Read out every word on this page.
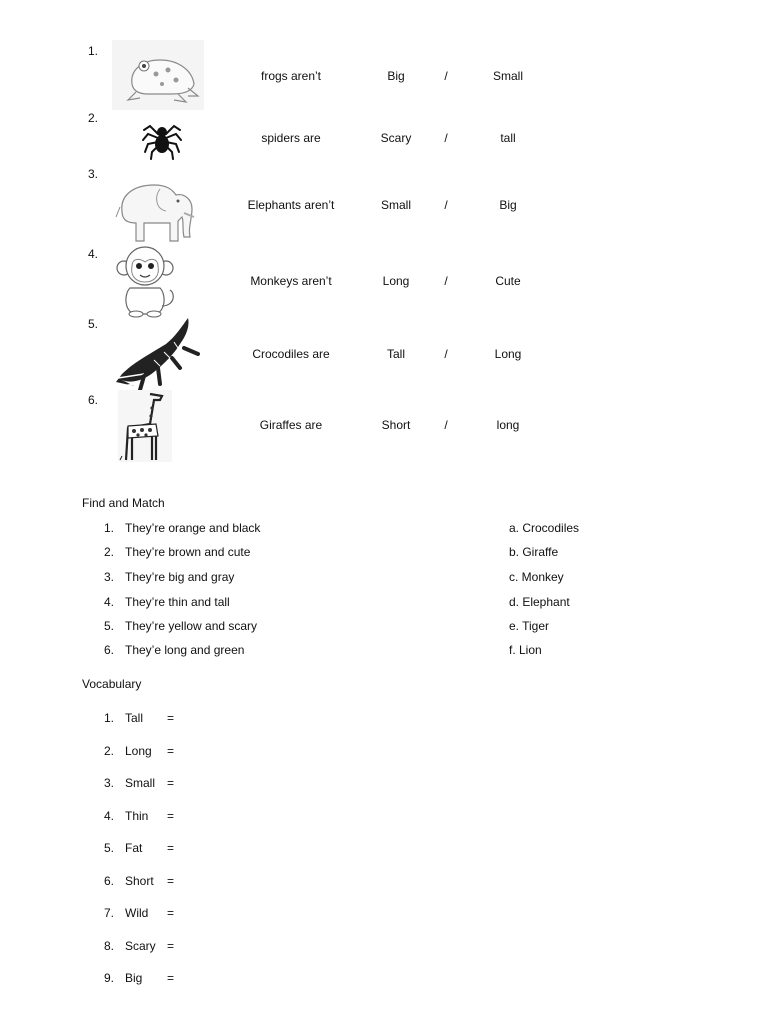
1.
frogs aren’t	Big	/	Small
2.
spiders are	Scary	/	tall
3.
Elephants aren’t	Small	/	Big
4.
Monkeys aren’t	Long	/	Cute
5.
Crocodiles are	Tall	/	Long
6.
Giraffes are	Short	/	long
Find and Match
1. They’re orange and black	a. Crocodiles
2. They’re brown and cute	b. Giraffe
3. They’re big and gray	c. Monkey
4. They’re thin and tall	d. Elephant
5. They’re yellow and scary	e. Tiger
6. They’e long and green	f. Lion
Vocabulary
1. Tall =
2. Long =
3. Small =
4. Thin =
5. Fat =
6. Short =
7. Wild =
8. Scary =
9. Big =
